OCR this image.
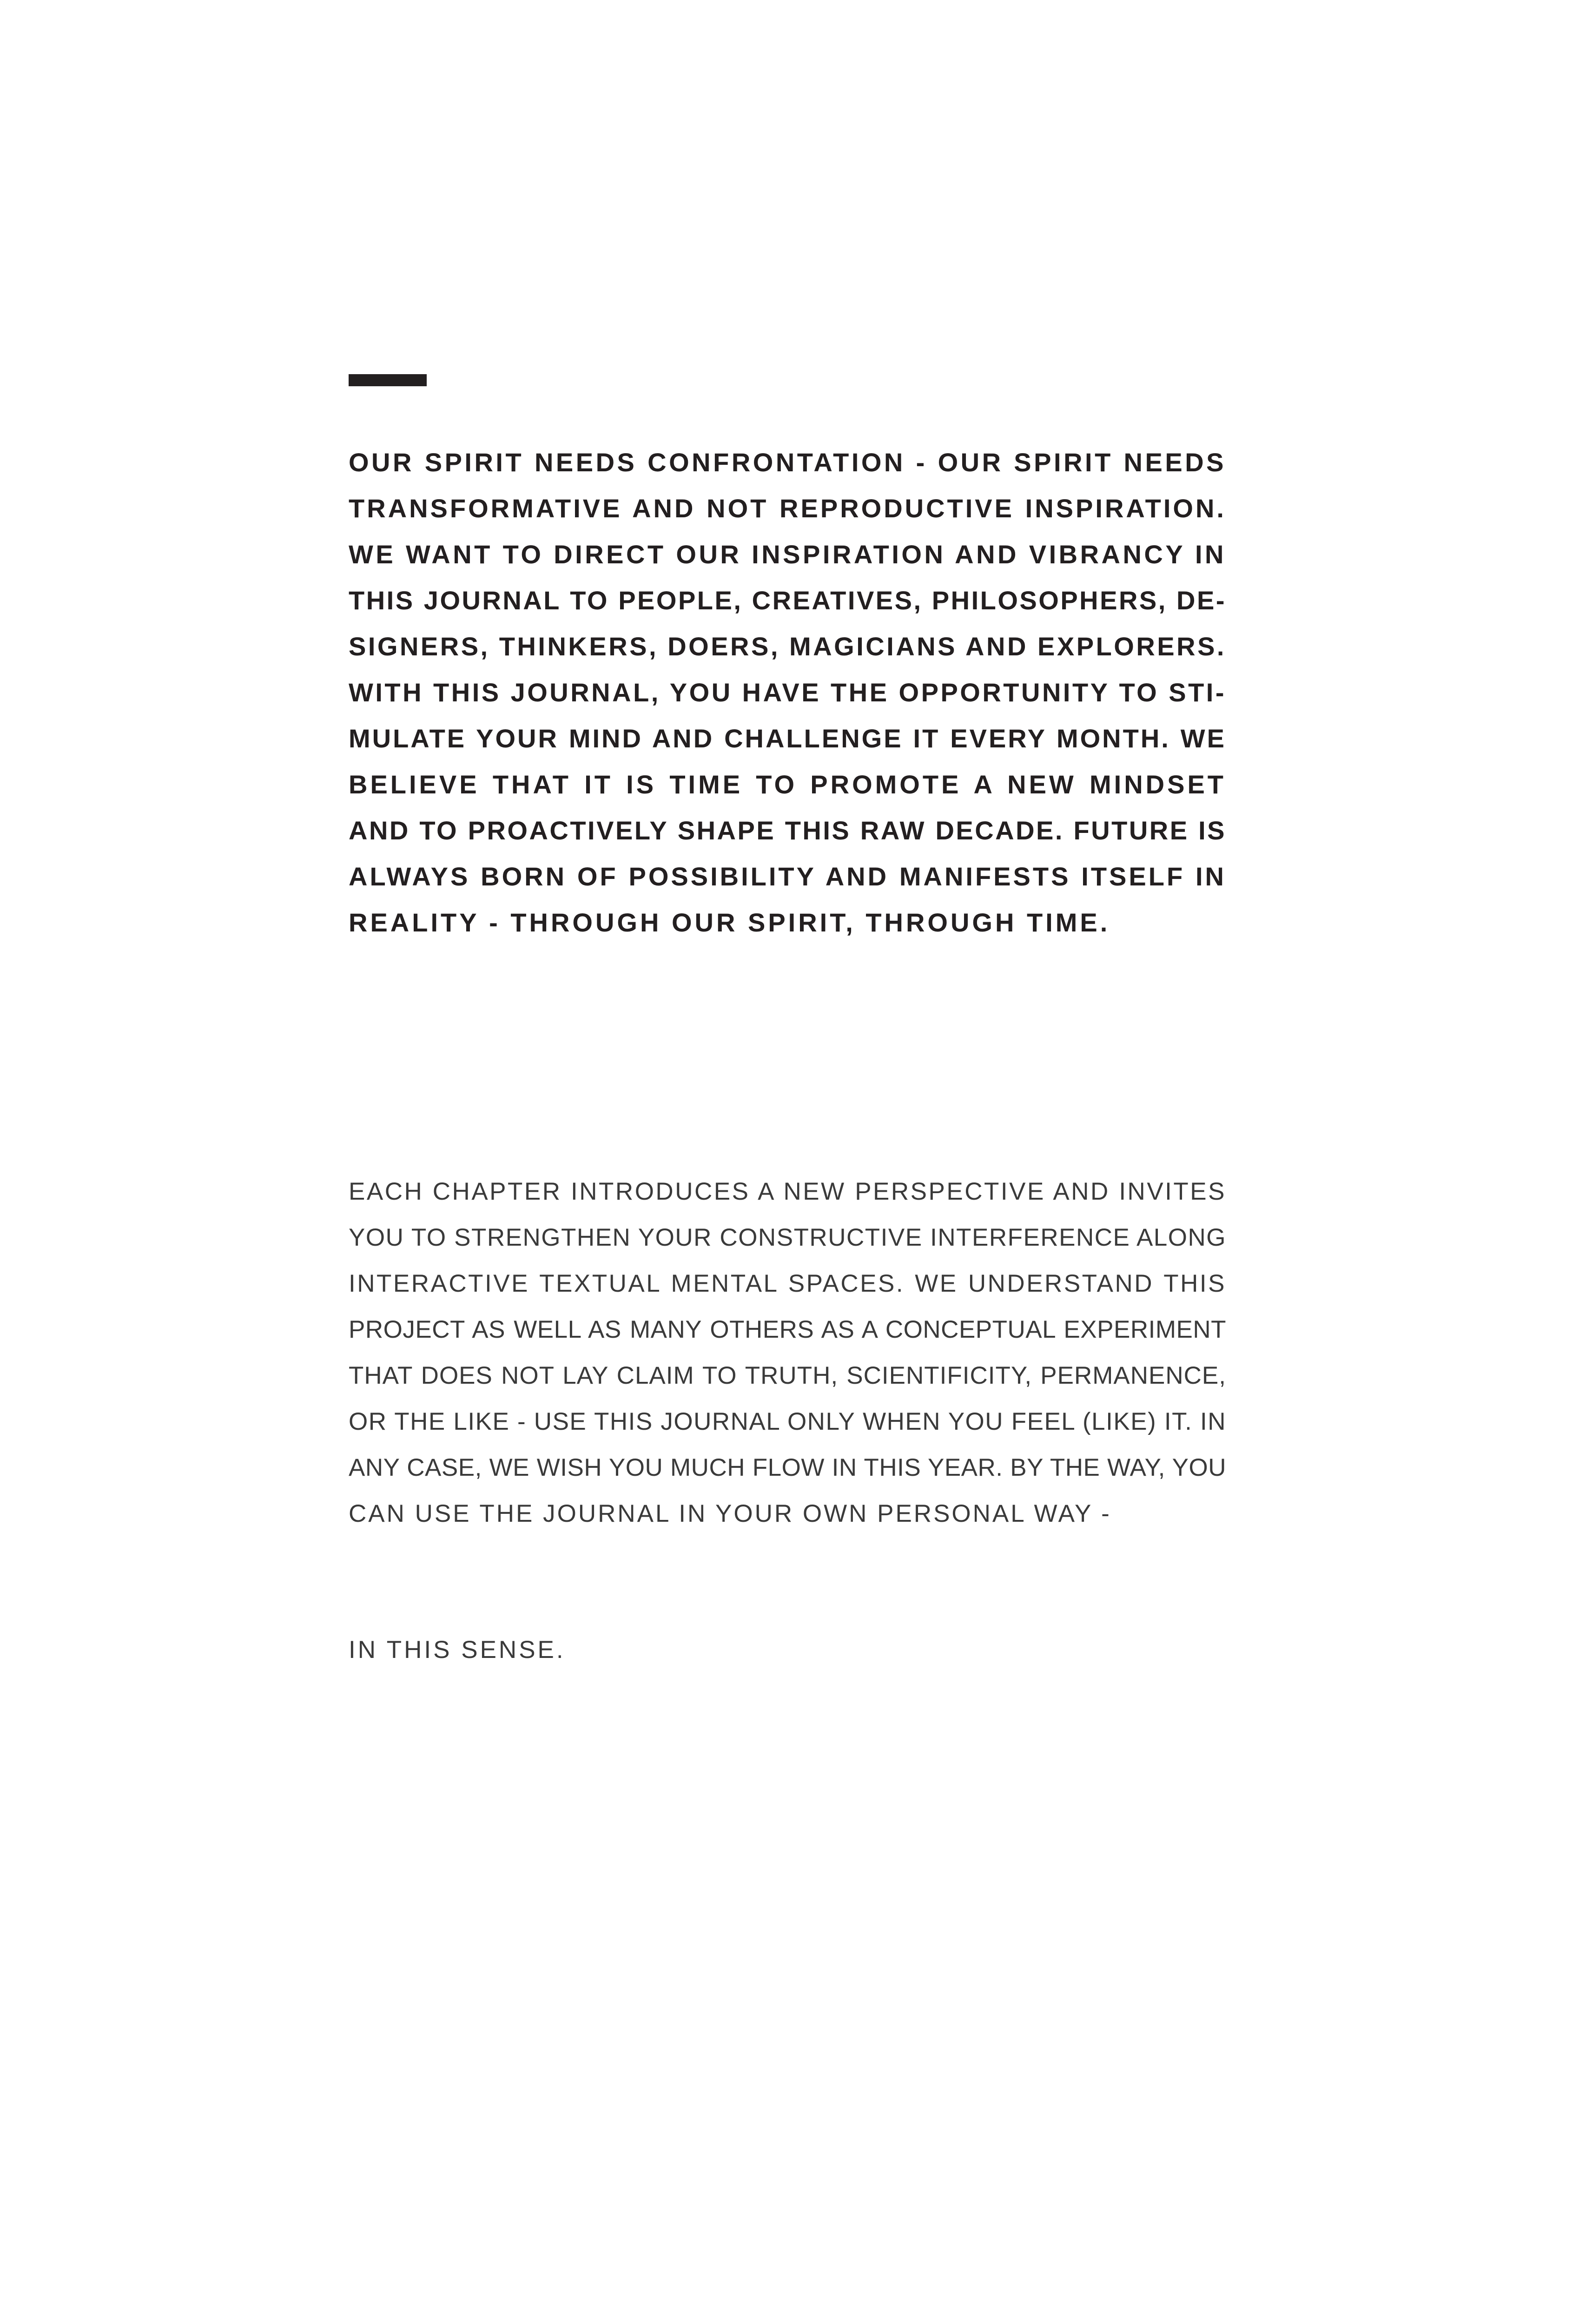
OUR SPIRIT NEEDS CONFRONTATION - OUR SPIRIT NEEDS
TRANSFORMATIVE AND NOT REPRODUCTIVE INSPIRATION.
WE WANT TO DIRECT OUR INSPIRATION AND VIBRANCY IN
THIS JOURNAL TO PEOPLE, CREATIVES, PHILOSOPHERS, DE-
SIGNERS, THINKERS, DOERS, MAGICIANS AND EXPLORERS.
WITH THIS JOURNAL, YOU HAVE THE OPPORTUNITY TO STI-
MULATE YOUR MIND AND CHALLENGE IT EVERY MONTH. WE
BELIEVE THAT IT IS TIME TO PROMOTE A NEW MINDSET
AND TO PROACTIVELY SHAPE THIS RAW DECADE. FUTURE IS
ALWAYS BORN OF POSSIBILITY AND MANIFESTS ITSELF IN
REALITY - THROUGH OUR SPIRIT, THROUGH TIME.
EACH CHAPTER INTRODUCES A NEW PERSPECTIVE AND INVITES
YOU TO STRENGTHEN YOUR CONSTRUCTIVE INTERFERENCE ALONG
INTERACTIVE TEXTUAL MENTAL SPACES. WE UNDERSTAND THIS
PROJECT AS WELL AS MANY OTHERS AS A CONCEPTUAL EXPERIMENT
THAT DOES NOT LAY CLAIM TO TRUTH, SCIENTIFICITY, PERMANENCE,
OR THE LIKE - USE THIS JOURNAL ONLY WHEN YOU FEEL (LIKE) IT. IN
ANY CASE, WE WISH YOU MUCH FLOW IN THIS YEAR. BY THE WAY, YOU
CAN USE THE JOURNAL IN YOUR OWN PERSONAL WAY -
IN THIS SENSE.
